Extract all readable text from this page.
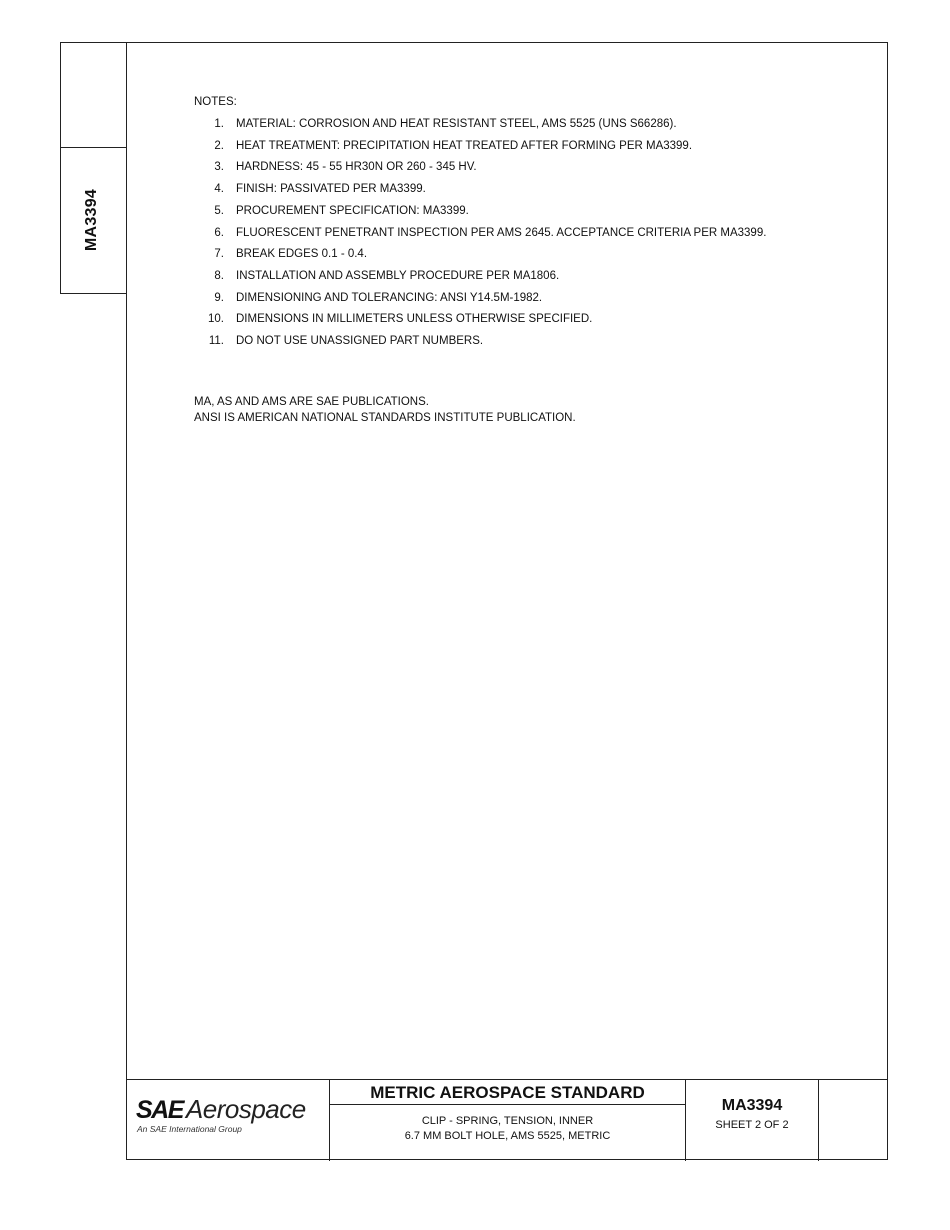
MA3394
NOTES:
1. MATERIAL: CORROSION AND HEAT RESISTANT STEEL, AMS 5525 (UNS S66286).
2. HEAT TREATMENT: PRECIPITATION HEAT TREATED AFTER FORMING PER MA3399.
3. HARDNESS: 45 - 55 HR30N OR 260 - 345 HV.
4. FINISH: PASSIVATED PER MA3399.
5. PROCUREMENT SPECIFICATION: MA3399.
6. FLUORESCENT PENETRANT INSPECTION PER AMS 2645. ACCEPTANCE CRITERIA PER MA3399.
7. BREAK EDGES 0.1 - 0.4.
8. INSTALLATION AND ASSEMBLY PROCEDURE PER MA1806.
9. DIMENSIONING AND TOLERANCING: ANSI Y14.5M-1982.
10. DIMENSIONS IN MILLIMETERS UNLESS OTHERWISE SPECIFIED.
11. DO NOT USE UNASSIGNED PART NUMBERS.
MA, AS AND AMS ARE SAE PUBLICATIONS.
ANSI IS AMERICAN NATIONAL STANDARDS INSTITUTE PUBLICATION.
SAE Aerospace
An SAE International Group
METRIC AEROSPACE STANDARD
CLIP - SPRING, TENSION, INNER
6.7 MM BOLT HOLE, AMS 5525, METRIC
MA3394
SHEET 2 OF 2
